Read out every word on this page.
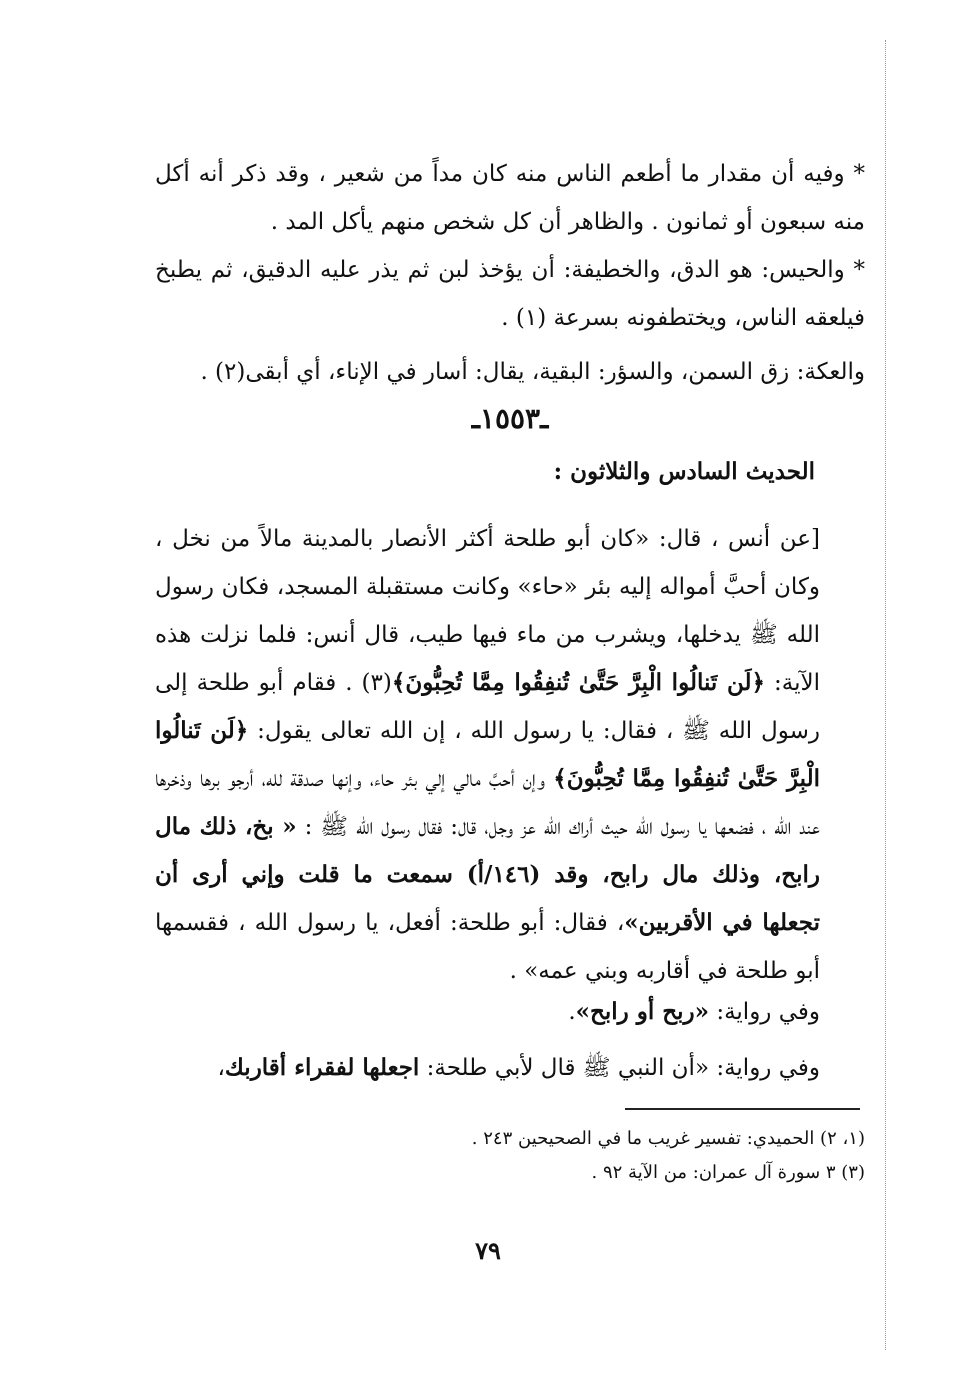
* وفيه أن مقدار ما أطعم الناس منه كان مداً من شعير ، وقد ذكر أنه أكل منه سبعون أو ثمانون . والظاهر أن كل شخص منهم يأكل المد .

* والحيس: هو الدق، والخطيفة: أن يؤخذ لبن ثم يذر عليه الدقيق، ثم يطبخ فيلعقه الناس، ويختطفونه بسرعة (١) .

والعكة: زق السمن، والسؤر: البقية، يقال: أسار في الإناء، أي أبقى(٢) .

ـ١٥٥٣ـ
الحديث السادس والثلاثون :

[عن أنس ، قال: «كان أبو طلحة أكثر الأنصار بالمدينة مالاً من نخل ، وكان أحبَّ أمواله إليه بئر «حاء» وكانت مستقبلة المسجد، فكان رسول الله ﷺ يدخلها، ويشرب من ماء فيها طيب، قال أنس: فلما نزلت هذه الآية: ﴿لَن تَنالُوا الْبِرَّ حَتَّىٰ تُنفِقُوا مِمَّا تُحِبُّونَ﴾(٣) . فقام أبو طلحة إلى رسول الله ﷺ ، فقال: يا رسول الله ، إن الله تعالى يقول: ﴿لَن تَنالُوا الْبِرَّ حَتَّىٰ تُنفِقُوا مِمَّا تُحِبُّونَ﴾ وإن أحبَّ مالي إلي بئر حاء، وإنها صدقة لله، أرجو برها وذخرها عند الله ، فضعها يا رسول الله حيث أراك الله عز وجل، قال: فقال رسول الله ﷺ : « بخ، ذلك مال رابح، وذلك مال رابح، وقد (١٤٦/أ) سمعت ما قلت وإني أرى أن تجعلها في الأقربين»، فقال: أبو طلحة: أفعل، يا رسول الله ، فقسمها أبو طلحة في أقاربه وبني عمه» .

وفي رواية: «ربح أو رابح».

وفي رواية: «أن النبي ﷺ قال لأبي طلحة: اجعلها لفقراء أقاربك،

(١، ٢) الحميدي: تفسير غريب ما في الصحيحين ٢٤٣ .
(٣) ٣ سورة آل عمران: من الآية ٩٢ .
٧٩
